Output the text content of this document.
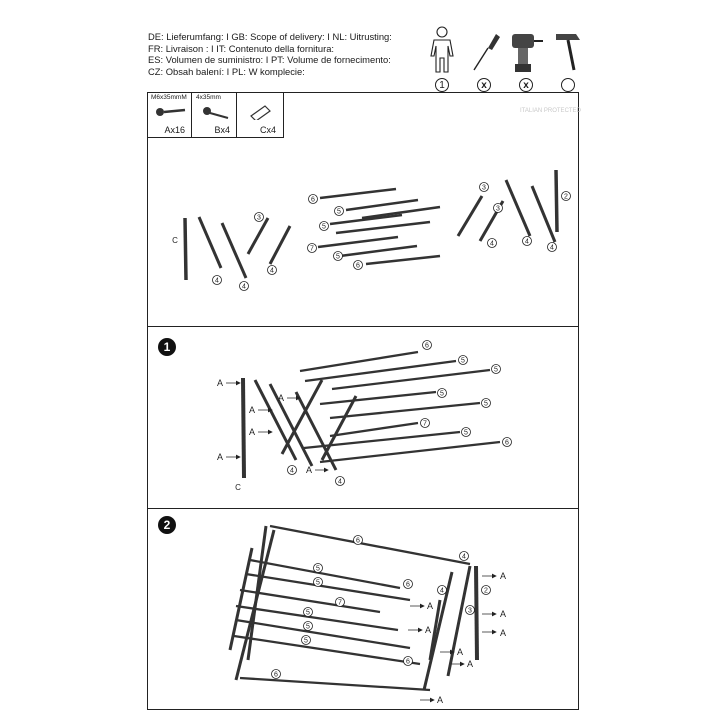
DE: Lieferumfang: I GB: Scope of delivery: I NL: Uitrusting:
FR: Livraison : I IT: Contenuto della fornitura:
ES: Volumen de suministro: I PT: Volume de fornecimento:
CZ: Obsah balení: I PL: W komplecie:
1	x	x
M6x35mmM
Ax16
4x35mm
Bx4	Cx4
1
2
ITALIAN PROTECTED
3
4
4
4
6
5
5
7
5
6
3
3
4	4
4
2
C
A
A
A
A
A
A
6
5
5
5
5
7
5
6
4
4
C
A
A
A
A
A
A
A
A
6
5
5
7
5
5
5
6
6
6
4
4	2
3
